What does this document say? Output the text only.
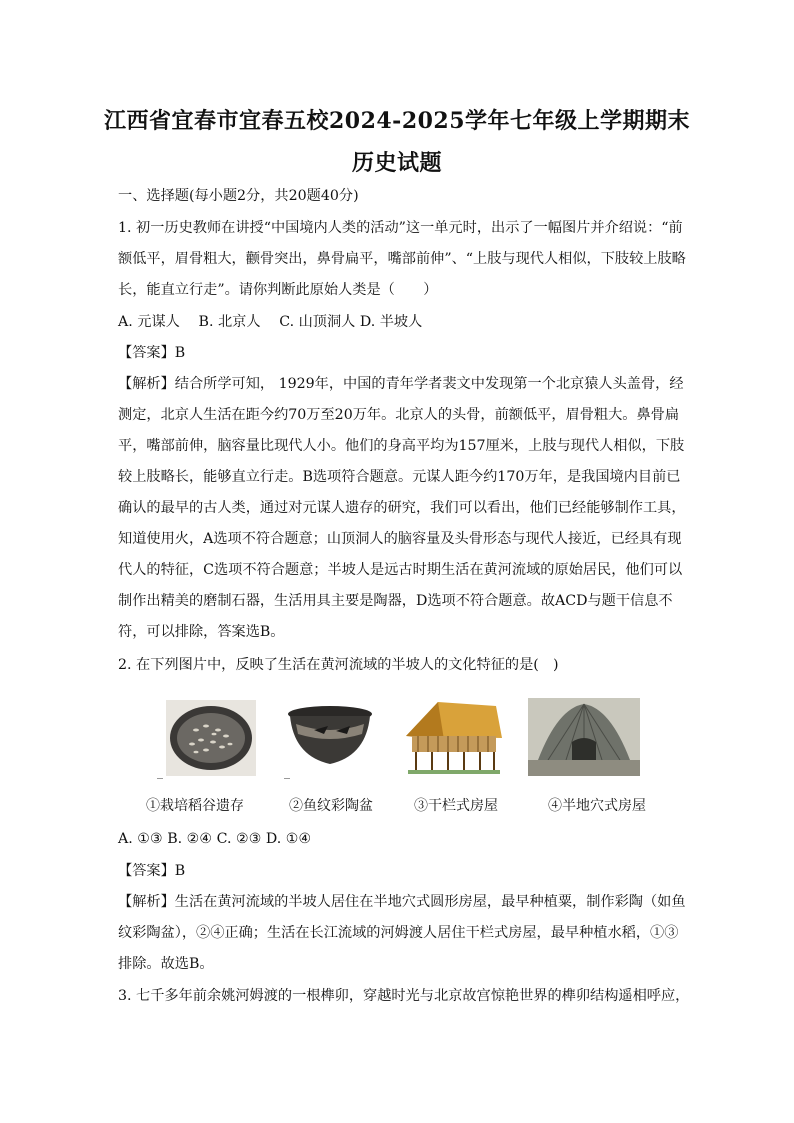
江西省宜春市宜春五校2024-2025学年七年级上学期期末
历史试题
一、选择题(每小题2分，共20题40分)
1. 初一历史教师在讲授“中国境内人类的活动”这一单元时，出示了一幅图片并介绍说：“前
额低平，眉骨粗大，颧骨突出，鼻骨扁平，嘴部前伸”、“上肢与现代人相似，下肢较上肢略
长，能直立行走”。请你判断此原始人类是（　　）
A. 元谋人　 B. 北京人　 C. 山顶洞人 D. 半坡人
【答案】B
【解析】结合所学可知， 1929年，中国的青年学者裴文中发现第一个北京猿人头盖骨，经
测定，北京人生活在距今约70万至20万年。北京人的头骨，前额低平，眉骨粗大。鼻骨扁
平，嘴部前伸，脑容量比现代人小。他们的身高平均为157厘米，上肢与现代人相似，下肢
较上肢略长，能够直立行走。B选项符合题意。元谋人距今约170万年，是我国境内目前已
确认的最早的古人类，通过对元谋人遗存的研究，我们可以看出，他们已经能够制作工具，
知道使用火，A选项不符合题意；山顶洞人的脑容量及头骨形态与现代人接近，已经具有现
代人的特征，C选项不符合题意；半坡人是远古时期生活在黄河流域的原始居民，他们可以
制作出精美的磨制石器，生活用具主要是陶器，D选项不符合题意。故ACD与题干信息不
符，可以排除，答案选B。
2. 在下列图片中，反映了生活在黄河流域的半坡人的文化特征的是(　)
①栽培稻谷遗存	②鱼纹彩陶盆	③干栏式房屋	④半地穴式房屋
A. ①③ B. ②④ C. ②③ D. ①④
【答案】B
【解析】生活在黄河流域的半坡人居住在半地穴式圆形房屋，最早种植粟，制作彩陶（如鱼
纹彩陶盆），②④正确；生活在长江流域的河姆渡人居住干栏式房屋，最早种植水稻，①③
排除。故选B。
3. 七千多年前余姚河姆渡的一根榫卯，穿越时光与北京故宫惊艳世界的榫卯结构遥相呼应，
